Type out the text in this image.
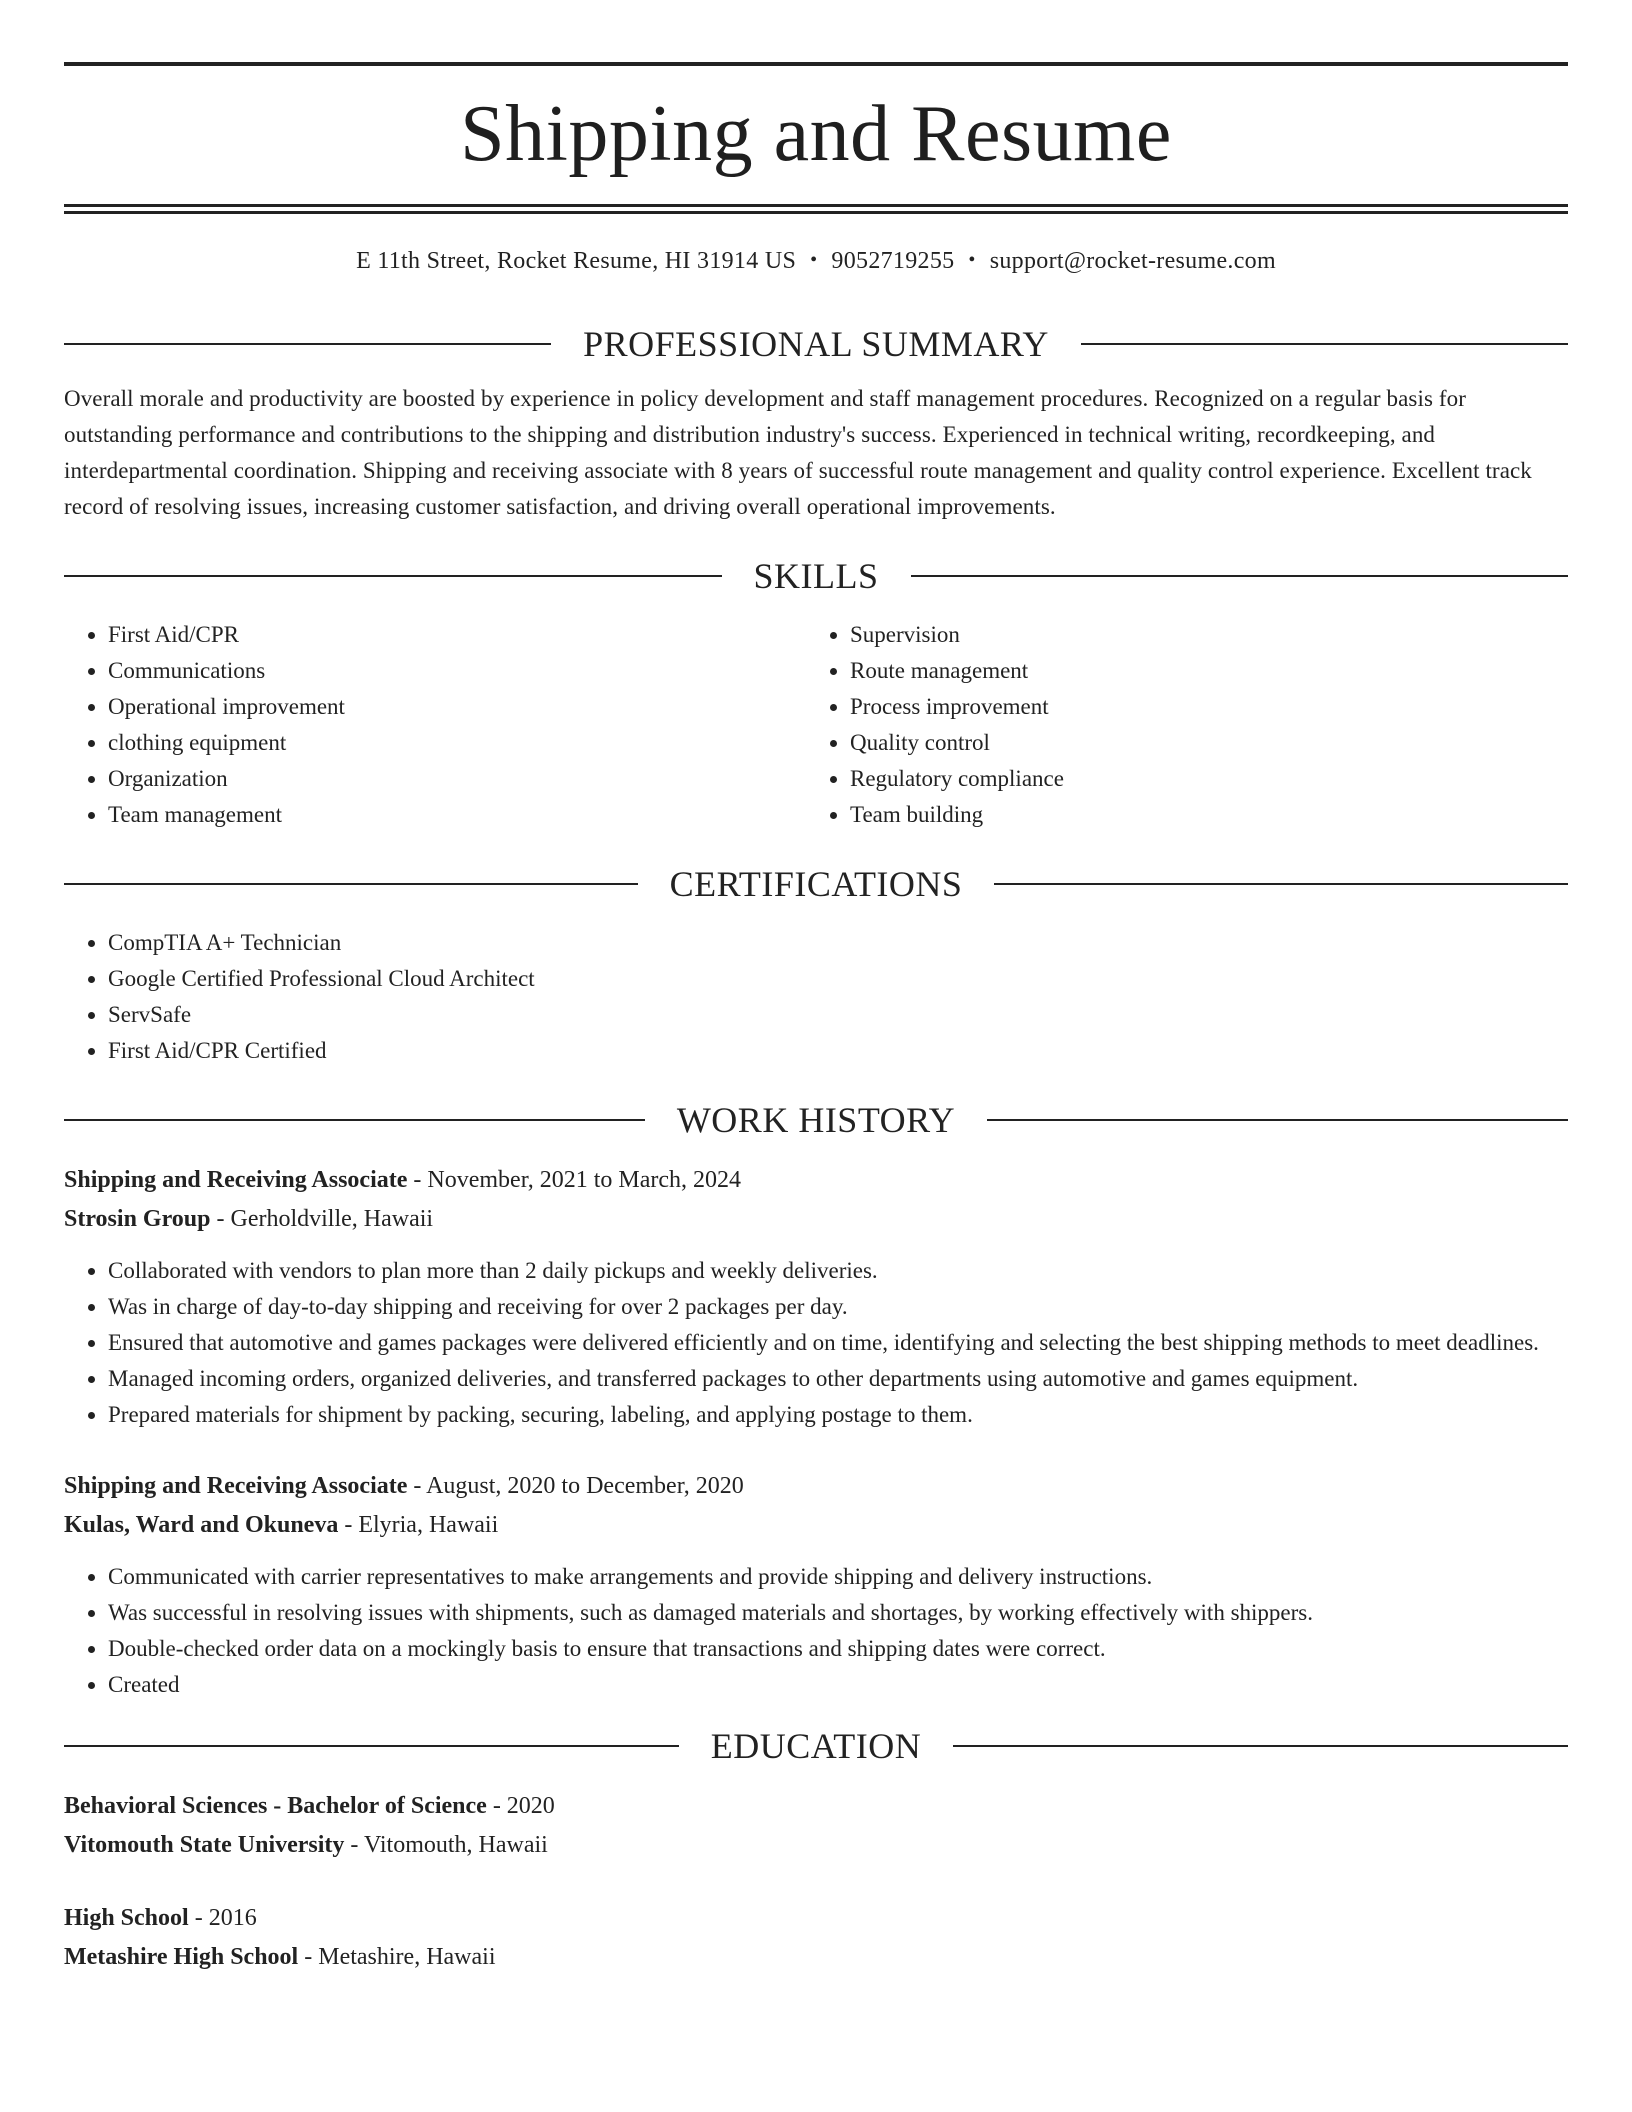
Shipping and Resume
E 11th Street, Rocket Resume, HI 31914 US • 9052719255 • support@rocket-resume.com
PROFESSIONAL SUMMARY
Overall morale and productivity are boosted by experience in policy development and staff management procedures. Recognized on a regular basis for outstanding performance and contributions to the shipping and distribution industry's success. Experienced in technical writing, recordkeeping, and interdepartmental coordination. Shipping and receiving associate with 8 years of successful route management and quality control experience. Excellent track record of resolving issues, increasing customer satisfaction, and driving overall operational improvements.
SKILLS
• First Aid/CPR
• Communications
• Operational improvement
• clothing equipment
• Organization
• Team management
• Supervision
• Route management
• Process improvement
• Quality control
• Regulatory compliance
• Team building
CERTIFICATIONS
• CompTIA A+ Technician
• Google Certified Professional Cloud Architect
• ServSafe
• First Aid/CPR Certified
WORK HISTORY
Shipping and Receiving Associate - November, 2021 to March, 2024
Strosin Group - Gerholdville, Hawaii
• Collaborated with vendors to plan more than 2 daily pickups and weekly deliveries.
• Was in charge of day-to-day shipping and receiving for over 2 packages per day.
• Ensured that automotive and games packages were delivered efficiently and on time, identifying and selecting the best shipping methods to meet deadlines.
• Managed incoming orders, organized deliveries, and transferred packages to other departments using automotive and games equipment.
• Prepared materials for shipment by packing, securing, labeling, and applying postage to them.
Shipping and Receiving Associate - August, 2020 to December, 2020
Kulas, Ward and Okuneva - Elyria, Hawaii
• Communicated with carrier representatives to make arrangements and provide shipping and delivery instructions.
• Was successful in resolving issues with shipments, such as damaged materials and shortages, by working effectively with shippers.
• Double-checked order data on a mockingly basis to ensure that transactions and shipping dates were correct.
• Created
EDUCATION
Behavioral Sciences - Bachelor of Science - 2020
Vitomouth State University - Vitomouth, Hawaii
High School - 2016
Metashire High School - Metashire, Hawaii
